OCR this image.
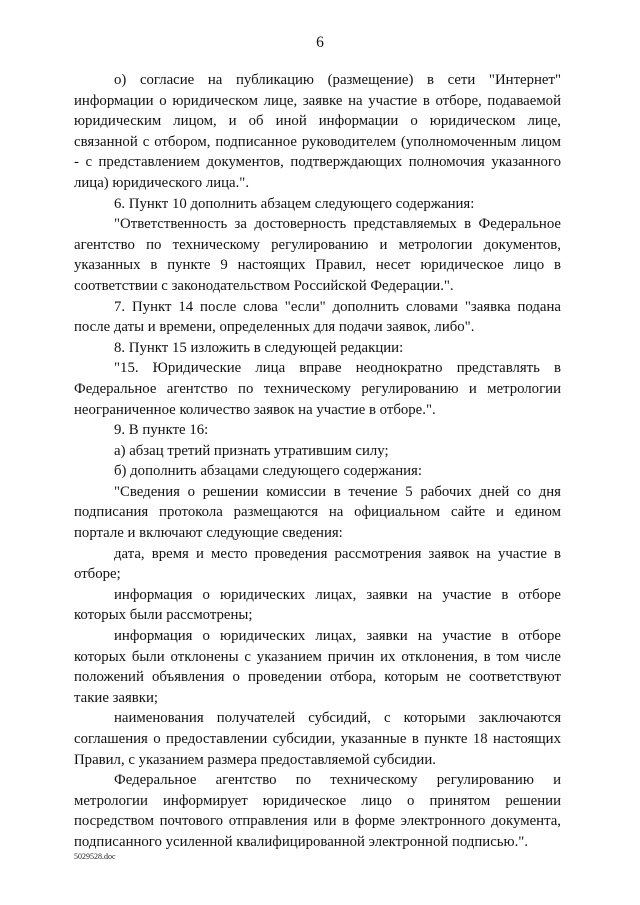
6

о) согласие на публикацию (размещение) в сети "Интернет" информации о юридическом лице, заявке на участие в отборе, подаваемой юридическим лицом, и об иной информации о юридическом лице, связанной с отбором, подписанное руководителем (уполномоченным лицом - с представлением документов, подтверждающих полномочия указанного лица) юридического лица.".

6. Пункт 10 дополнить абзацем следующего содержания:

"Ответственность за достоверность представляемых в Федеральное агентство по техническому регулированию и метрологии документов, указанных в пункте 9 настоящих Правил, несет юридическое лицо в соответствии с законодательством Российской Федерации.".

7. Пункт 14 после слова "если" дополнить словами "заявка подана после даты и времени, определенных для подачи заявок, либо".

8. Пункт 15 изложить в следующей редакции:

"15. Юридические лица вправе неоднократно представлять в Федеральное агентство по техническому регулированию и метрологии неограниченное количество заявок на участие в отборе.".

9. В пункте 16:

а) абзац третий признать утратившим силу;

б) дополнить абзацами следующего содержания:

"Сведения о решении комиссии в течение 5 рабочих дней со дня подписания протокола размещаются на официальном сайте и едином портале и включают следующие сведения:

дата, время и место проведения рассмотрения заявок на участие в отборе;

информация о юридических лицах, заявки на участие в отборе которых были рассмотрены;

информация о юридических лицах, заявки на участие в отборе которых были отклонены с указанием причин их отклонения, в том числе положений объявления о проведении отбора, которым не соответствуют такие заявки;

наименования получателей субсидий, с которыми заключаются соглашения о предоставлении субсидии, указанные в пункте 18 настоящих Правил, с указанием размера предоставляемой субсидии.

Федеральное агентство по техническому регулированию и метрологии информирует юридическое лицо о принятом решении посредством почтового отправления или в форме электронного документа, подписанного усиленной квалифицированной электронной подписью.".

5029528.doc
